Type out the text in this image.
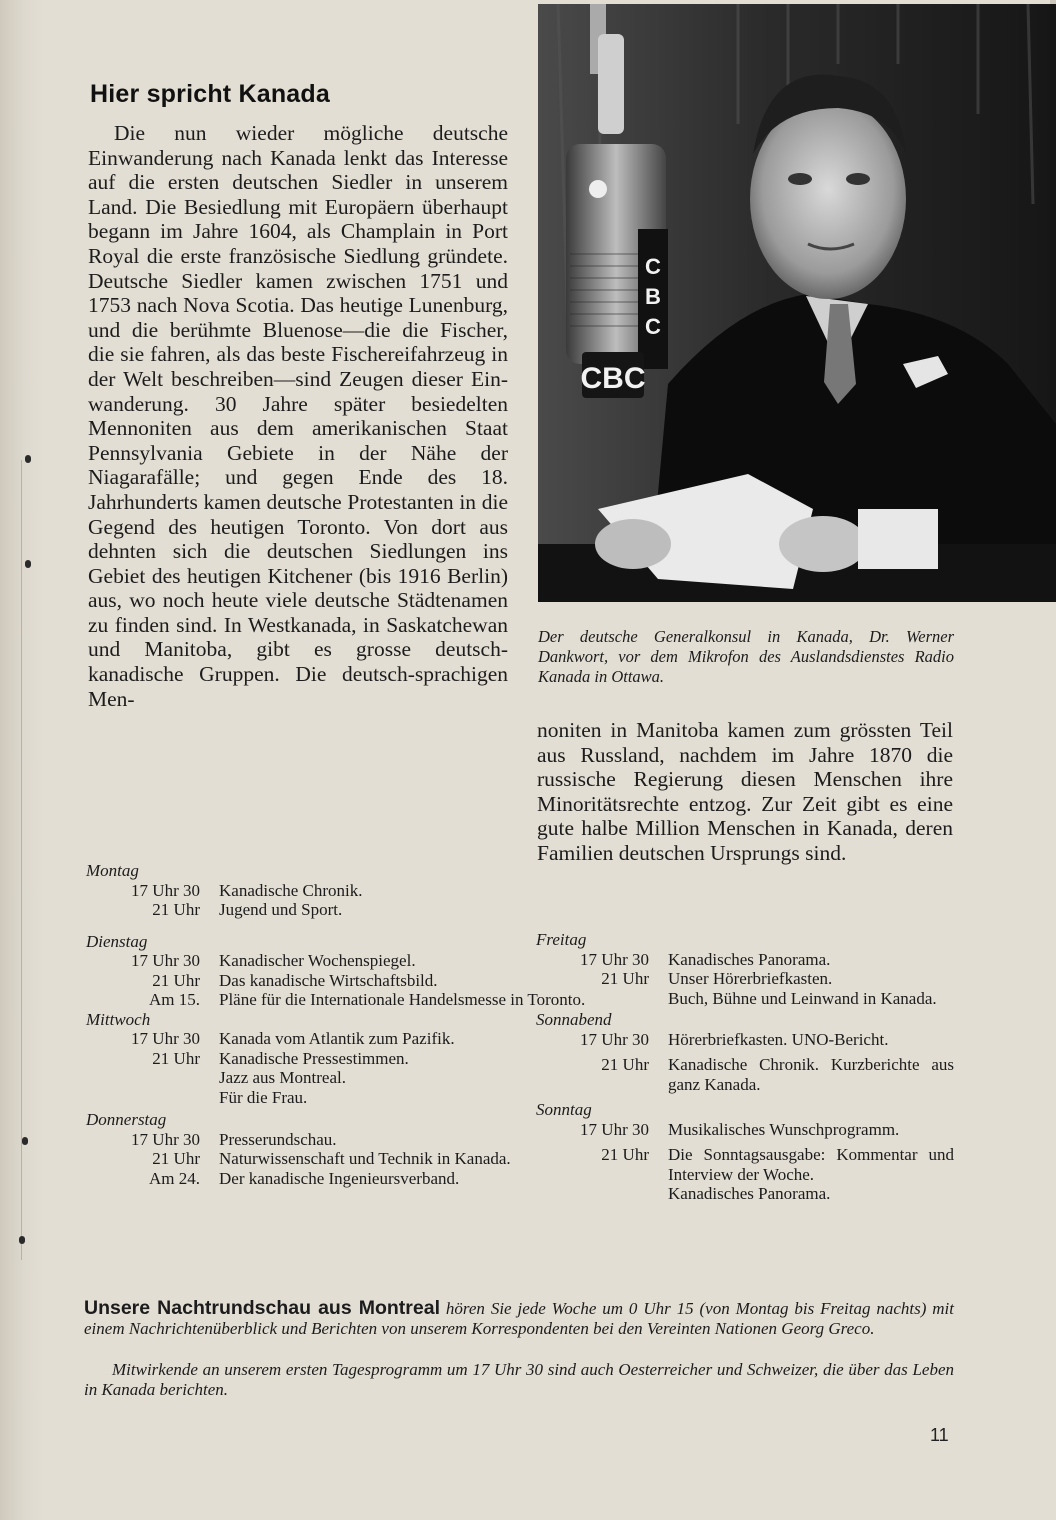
Hier spricht Kanada

Die nun wieder mögliche deutsche Einwanderung nach Kanada lenkt das Interesse auf die ersten deutschen Siedler in unserem Land. Die Besiedlung mit Europäern überhaupt begann im Jahre 1604, als Champlain in Port Royal die erste französische Siedlung gründete. Deutsche Siedler kamen zwischen 1751 und 1753 nach Nova Scotia. Das heutige Lunenburg, und die berühmte Bluenose—die die Fischer, die sie fahren, als das beste Fischereifahrzeug in der Welt beschreiben—sind Zeugen dieser Einwanderung. 30 Jahre später besiedelten Mennoniten aus dem amerikanischen Staat Pennsylvania Gebiete in der Nähe der Niagarafälle; und gegen Ende des 18. Jahrhunderts kamen deutsche Protestanten in die Gegend des heutigen Toronto. Von dort aus dehnten sich die deutschen Siedlungen ins Gebiet des heutigen Kitchener (bis 1916 Berlin) aus, wo noch heute viele deutsche Städtenamen zu finden sind. In Westkanada, in Saskatchewan und Manitoba, gibt es grosse deutsch-kanadische Gruppen. Die deutsch-sprachigen Men-

C
B
C
CBC

Der deutsche Generalkonsul in Kanada, Dr. Werner Dankwort, vor dem Mikrofon des Auslandsdienstes Radio Kanada in Ottawa.

noniten in Manitoba kamen zum grössten Teil aus Russland, nachdem im Jahre 1870 die russische Regierung diesen Menschen ihre Minoritätsrechte entzog. Zur Zeit gibt es eine gute halbe Million Menschen in Kanada, deren Familien deutschen Ursprungs sind.

Montag
17 Uhr 30 Kanadische Chronik.
21 Uhr Jugend und Sport.
Dienstag
17 Uhr 30 Kanadischer Wochenspiegel.
21 Uhr Das kanadische Wirtschaftsbild.
Am 15. Pläne für die Internationale Handelsmesse in Toronto.
Mittwoch
17 Uhr 30 Kanada vom Atlantik zum Pazifik.
21 Uhr Kanadische Pressestimmen.
Jazz aus Montreal.
Für die Frau.
Donnerstag
17 Uhr 30 Presserundschau.
21 Uhr Naturwissenschaft und Technik in Kanada.
Am 24. Der kanadische Ingenieursverband.
Freitag
17 Uhr 30 Kanadisches Panorama.
21 Uhr Unser Hörerbriefkasten.
Buch, Bühne und Leinwand in Kanada.
Sonnabend
17 Uhr 30 Hörerbriefkasten. UNO-Bericht.
21 Uhr Kanadische Chronik. Kurzberichte aus ganz Kanada.
Sonntag
17 Uhr 30 Musikalisches Wunschprogramm.
21 Uhr Die Sonntagsausgabe: Kommentar und Interview der Woche.
Kanadisches Panorama.

Unsere Nachtrundschau aus Montreal hören Sie jede Woche um 0 Uhr 15 (von Montag bis Freitag nachts) mit einem Nachrichtenüberblick und Berichten von unserem Korrespondenten bei den Vereinten Nationen Georg Greco.

Mitwirkende an unserem ersten Tagesprogramm um 17 Uhr 30 sind auch Oesterreicher und Schweizer, die über das Leben in Kanada berichten.

11
